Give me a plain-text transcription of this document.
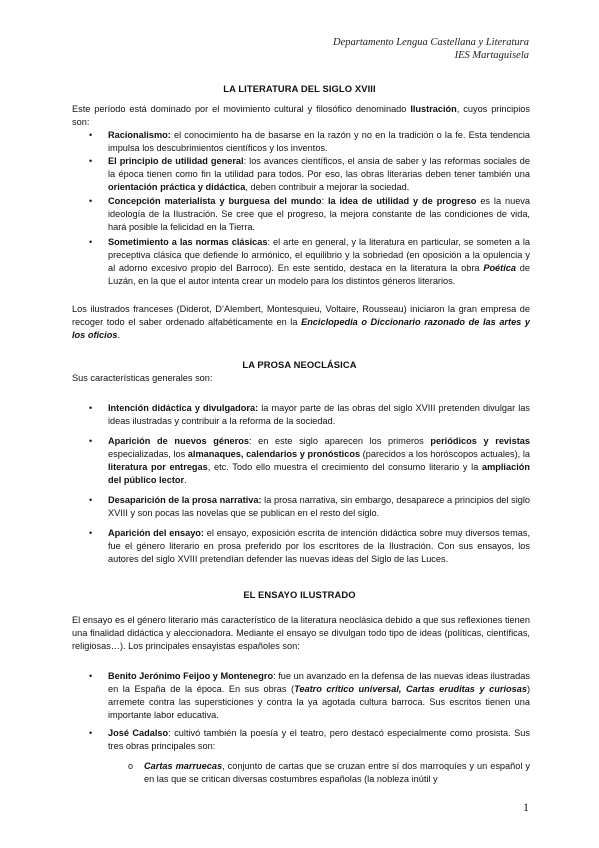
Departamento Lengua Castellana y Literatura
IES Martaguisela
LA LITERATURA DEL SIGLO XVIII
Este período está dominado por el movimiento cultural y filosófico denominado Ilustración, cuyos principios son:
• Racionalismo: el conocimiento ha de basarse en la razón y no en la tradición o la fe. Esta tendencia impulsa los descubrimientos científicos y los inventos.
• El principio de utilidad general: los avances científicos, el ansia de saber y las reformas sociales de la época tienen como fin la utilidad para todos. Por eso, las obras literarias deben tener también una orientación práctica y didáctica, deben contribuir a mejorar la sociedad.
• Concepción materialista y burguesa del mundo: la idea de utilidad y de progreso es la nueva ideología de la Ilustración. Se cree que el progreso, la mejora constante de las condiciones de vida, hará posible la felicidad en la Tierra.
• Sometimiento a las normas clásicas: el arte en general, y la literatura en particular, se someten a la preceptiva clásica que defiende lo armónico, el equilibrio y la sobriedad (en oposición a la opulencia y al adorno excesivo propio del Barroco). En este sentido, destaca en la literatura la obra Poética de Luzán, en la que el autor intenta crear un modelo para los distintos géneros literarios.
Los ilustrados franceses (Diderot, D’Alembert, Montesquieu, Voltaire, Rousseau) iniciaron la gran empresa de recoger todo el saber ordenado alfabéticamente en la Enciclopedia o Diccionario razonado de las artes y los oficios.
LA PROSA NEOCLÁSICA
Sus características generales son:
• Intención didáctica y divulgadora: la mayor parte de las obras del siglo XVIII pretenden divulgar las ideas ilustradas y contribuir a la reforma de la sociedad.
• Aparición de nuevos géneros: en este siglo aparecen los primeros periódicos y revistas especializadas, los almanaques, calendarios y pronósticos (parecidos a los horóscopos actuales), la literatura por entregas, etc. Todo ello muestra el crecimiento del consumo literario y la ampliación del público lector.
• Desaparición de la prosa narrativa: la prosa narrativa, sin embargo, desaparece a principios del siglo XVIII y son pocas las novelas que se publican en el resto del siglo.
• Aparición del ensayo: el ensayo, exposición escrita de intención didáctica sobre muy diversos temas, fue el género literario en prosa preferido por los escritores de la Ilustración. Con sus ensayos, los autores del siglo XVIII pretendían defender las nuevas ideas del Siglo de las Luces.
EL ENSAYO ILUSTRADO
El ensayo es el género literario más característico de la literatura neoclásica debido a que sus reflexiones tienen una finalidad didáctica y aleccionadora. Mediante el ensayo se divulgan todo tipo de ideas (políticas, científicas, religiosas…). Los principales ensayistas españoles son:
• Benito Jerónimo Feijoo y Montenegro: fue un avanzado en la defensa de las nuevas ideas ilustradas en la España de la época. En sus obras (Teatro crítico universal, Cartas eruditas y curiosas) arremete contra las supersticiones y contra la ya agotada cultura barroca. Sus escritos tienen una importante labor educativa.
• José Cadalso: cultivó también la poesía y el teatro, pero destacó especialmente como prosista. Sus tres obras principales son:
o Cartas marruecas, conjunto de cartas que se cruzan entre sí dos marroquíes y un español y en las que se critican diversas costumbres españolas (la nobleza inútil y
1
